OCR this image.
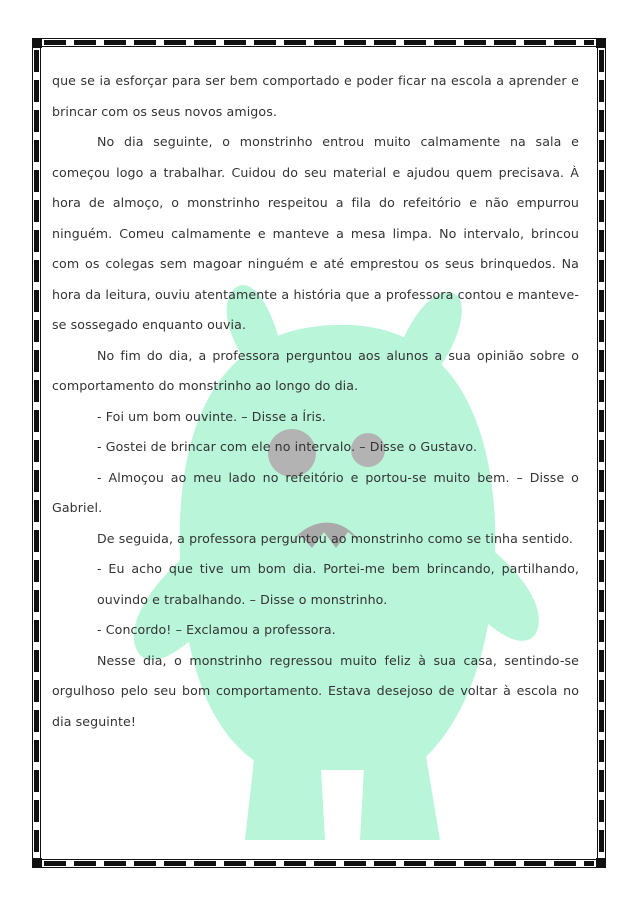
que se ia esforçar para ser bem comportado e poder ficar na escola a aprender e brincar com os seus novos amigos.

No dia seguinte, o monstrinho entrou muito calmamente na sala e começou logo a trabalhar. Cuidou do seu material e ajudou quem precisava. À hora de almoço, o monstrinho respeitou a fila do refeitório e não empurrou ninguém. Comeu calmamente e manteve a mesa limpa. No intervalo, brincou com os colegas sem magoar ninguém e até emprestou os seus brinquedos. Na hora da leitura, ouviu atentamente a história que a professora contou e manteve-se sossegado enquanto ouvia.

No fim do dia, a professora perguntou aos alunos a sua opinião sobre o comportamento do monstrinho ao longo do dia.

- Foi um bom ouvinte. – Disse a Íris.

- Gostei de brincar com ele no intervalo. – Disse o Gustavo.

- Almoçou ao meu lado no refeitório e portou-se muito bem. – Disse o Gabriel.

De seguida, a professora perguntou ao monstrinho como se tinha sentido.

- Eu acho que tive um bom dia. Portei-me bem brincando, partilhando, ouvindo e trabalhando. – Disse o monstrinho.

- Concordo! – Exclamou a professora.

Nesse dia, o monstrinho regressou muito feliz à sua casa, sentindo-se orgulhoso pelo seu bom comportamento. Estava desejoso de voltar à escola no dia seguinte!
